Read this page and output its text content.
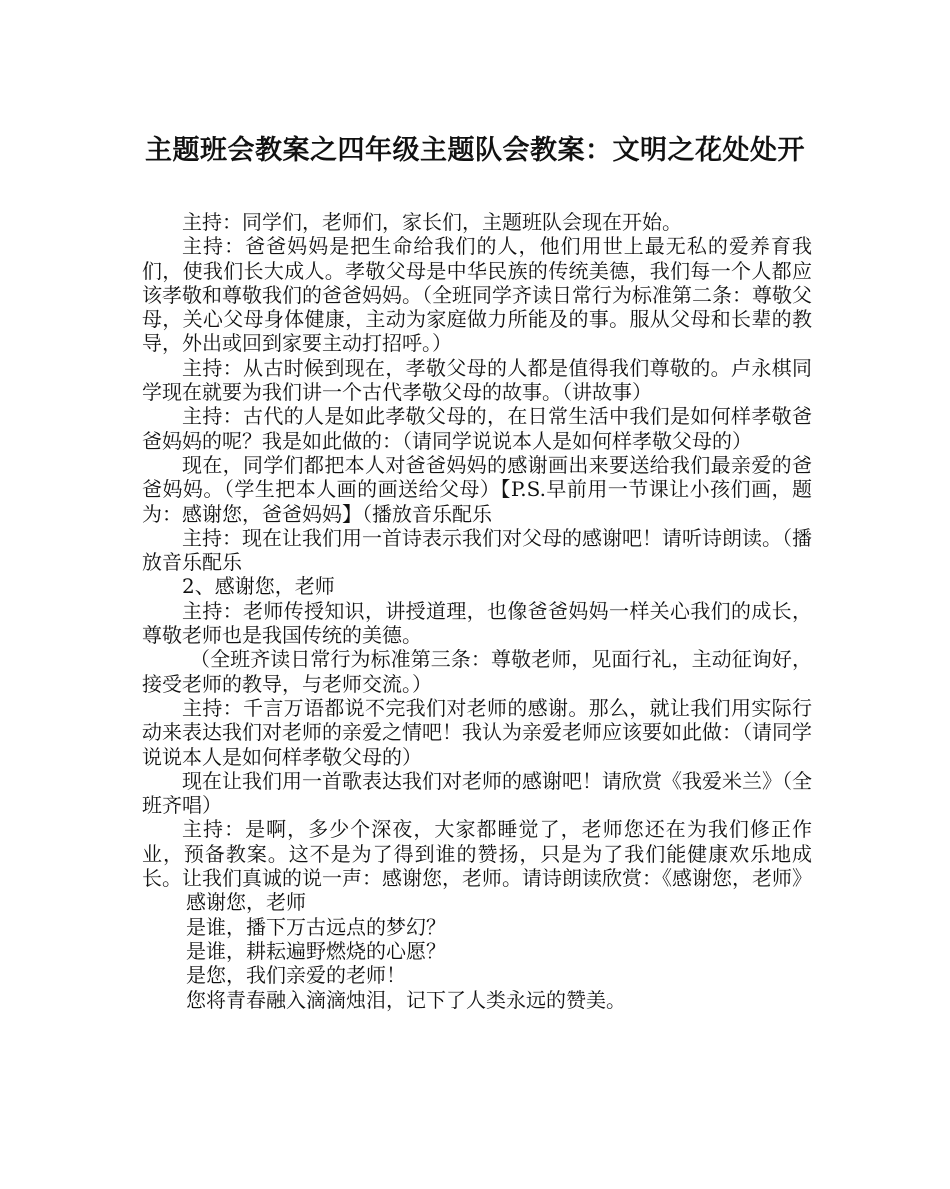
主题班会教案之四年级主题队会教案：文明之花处处开

主持：同学们，老师们，家长们，主题班队会现在开始。

主持：爸爸妈妈是把生命给我们的人，他们用世上最无私的爱养育我们，使我们长大成人。孝敬父母是中华民族的传统美德，我们每一个人都应该孝敬和尊敬我们的爸爸妈妈。（全班同学齐读日常行为标准第二条：尊敬父母，关心父母身体健康，主动为家庭做力所能及的事。服从父母和长辈的教导，外出或回到家要主动打招呼。）

主持：从古时候到现在，孝敬父母的人都是值得我们尊敬的。卢永棋同学现在就要为我们讲一个古代孝敬父母的故事。（讲故事）

主持：古代的人是如此孝敬父母的，在日常生活中我们是如何样孝敬爸爸妈妈的呢？我是如此做的：（请同学说说本人是如何样孝敬父母的）

现在，同学们都把本人对爸爸妈妈的感谢画出来要送给我们最亲爱的爸爸妈妈。（学生把本人画的画送给父母）【P.S.早前用一节课让小孩们画，题为：感谢您，爸爸妈妈】（播放音乐配乐

主持：现在让我们用一首诗表示我们对父母的感谢吧！请听诗朗读。（播放音乐配乐

2、感谢您，老师

主持：老师传授知识，讲授道理，也像爸爸妈妈一样关心我们的成长，尊敬老师也是我国传统的美德。

（全班齐读日常行为标准第三条：尊敬老师，见面行礼，主动征询好，接受老师的教导，与老师交流。）

主持：千言万语都说不完我们对老师的感谢。那么，就让我们用实际行动来表达我们对老师的亲爱之情吧！我认为亲爱老师应该要如此做：（请同学说说本人是如何样孝敬父母的）

现在让我们用一首歌表达我们对老师的感谢吧！请欣赏《我爱米兰》（全班齐唱）

主持：是啊，多少个深夜，大家都睡觉了，老师您还在为我们修正作业，预备教案。这不是为了得到谁的赞扬，只是为了我们能健康欢乐地成长。让我们真诚的说一声：感谢您，老师。请诗朗读欣赏：《感谢您，老师》

感谢您，老师

是谁，播下万古远点的梦幻？

是谁，耕耘遍野燃烧的心愿？

是您，我们亲爱的老师！

您将青春融入滴滴烛泪，记下了人类永远的赞美。
